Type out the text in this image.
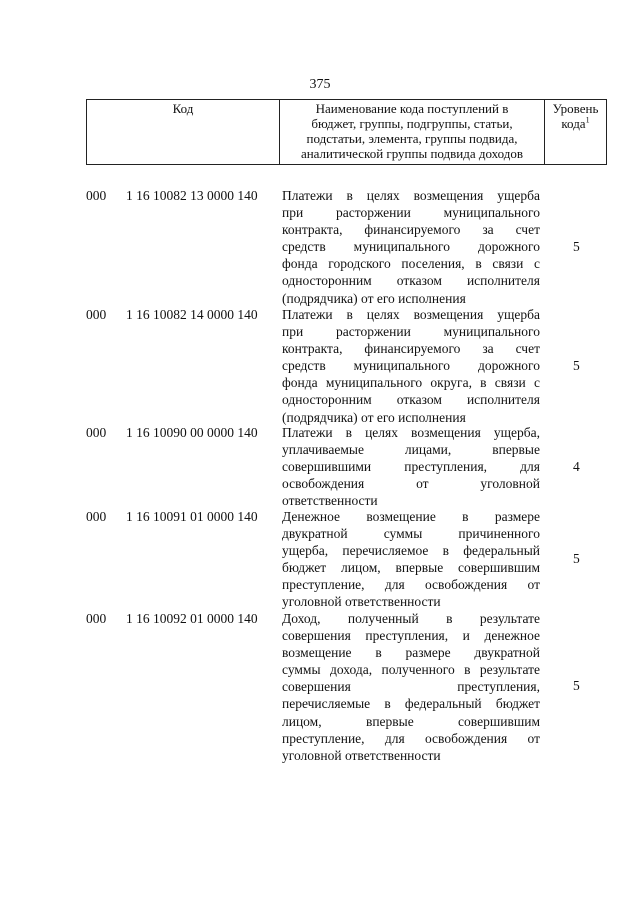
375
Код	Наименование кода поступлений в
бюджет, группы, подгруппы, статьи,
подстатьи, элемента, группы подвида,
аналитической группы подвида доходов
Уровень
кода$^1$
000 1 16 10082 13 0000 140 Платежи в целях возмещения ущерба
при расторжении муниципального
контракта, финансируемого за счет
средств муниципального дорожного
фонда городского поселения, в связи с
односторонним отказом исполнителя
(подрядчика) от его исполнения
5
000 1 16 10082 14 0000 140 Платежи в целях возмещения ущерба
при расторжении муниципального
контракта, финансируемого за счет
средств муниципального дорожного
фонда муниципального округа, в связи с
односторонним отказом исполнителя
(подрядчика) от его исполнения
5
000 1 16 10090 00 0000 140 Платежи в целях возмещения ущерба,
уплачиваемые лицами, впервые
совершившими преступления, для
освобождения от уголовной
ответственности
4
000 1 16 10091 01 0000 140 Денежное возмещение в размере
двукратной суммы причиненного
ущерба, перечисляемое в федеральный
бюджет лицом, впервые совершившим
преступление, для освобождения от
уголовной ответственности
5
000 1 16 10092 01 0000 140 Доход, полученный в результате
совершения преступления, и денежное
возмещение в размере двукратной
суммы дохода, полученного в результате
совершения преступления,
перечисляемые в федеральный бюджет
лицом, впервые совершившим
преступление, для освобождения от
уголовной ответственности
5
